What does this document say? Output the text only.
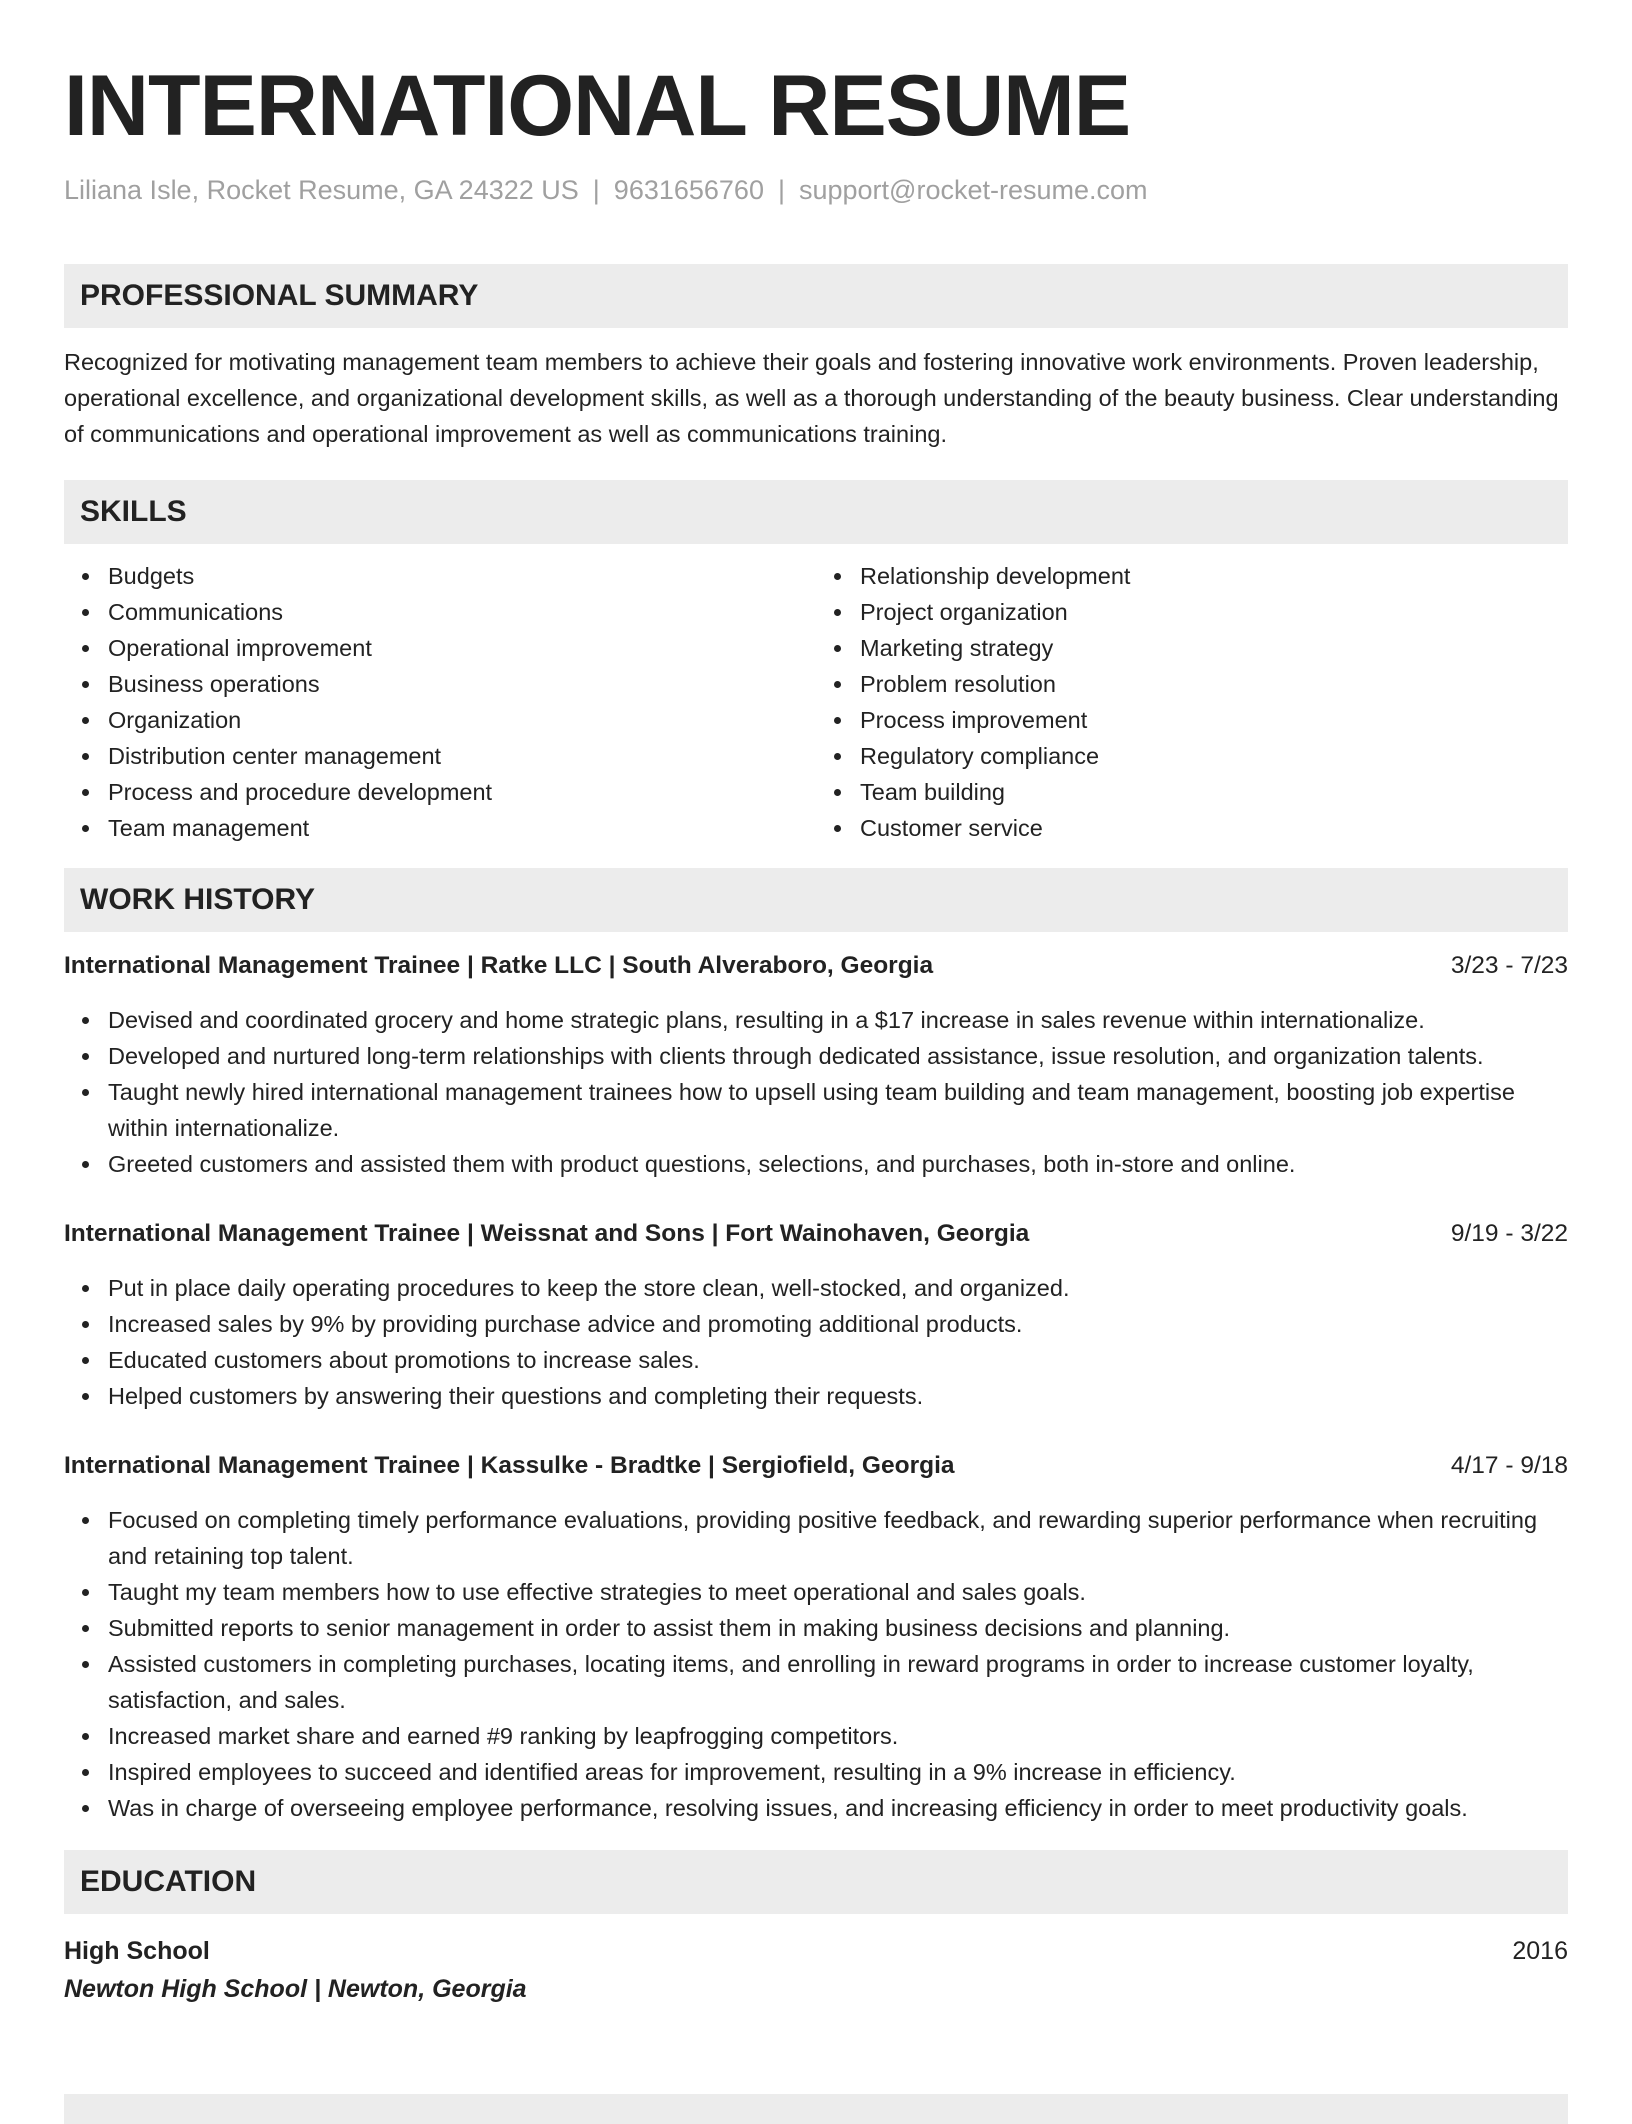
INTERNATIONAL RESUME
Liliana Isle, Rocket Resume, GA 24322 US | 9631656760 | support@rocket-resume.com
PROFESSIONAL SUMMARY

Recognized for motivating management team members to achieve their goals and fostering innovative work environments. Proven leadership, operational excellence, and organizational development skills, as well as a thorough understanding of the beauty business. Clear understanding of communications and operational improvement as well as communications training.

SKILLS
Budgets
Communications
Operational improvement
Business operations
Organization
Distribution center management
Process and procedure development
Team management
Relationship development
Project organization
Marketing strategy
Problem resolution
Process improvement
Regulatory compliance
Team building
Customer service
WORK HISTORY
International Management Trainee | Ratke LLC | South Alveraboro, Georgia	3/23 - 7/23
Devised and coordinated grocery and home strategic plans, resulting in a $17 increase in sales revenue within internationalize.
Developed and nurtured long-term relationships with clients through dedicated assistance, issue resolution, and organization talents.
Taught newly hired international management trainees how to upsell using team building and team management, boosting job expertise within internationalize.
Greeted customers and assisted them with product questions, selections, and purchases, both in-store and online.
International Management Trainee | Weissnat and Sons | Fort Wainohaven, Georgia	9/19 - 3/22
Put in place daily operating procedures to keep the store clean, well-stocked, and organized.
Increased sales by 9% by providing purchase advice and promoting additional products.
Educated customers about promotions to increase sales.
Helped customers by answering their questions and completing their requests.
International Management Trainee | Kassulke - Bradtke | Sergiofield, Georgia	4/17 - 9/18
Focused on completing timely performance evaluations, providing positive feedback, and rewarding superior performance when recruiting and retaining top talent.
Taught my team members how to use effective strategies to meet operational and sales goals.
Submitted reports to senior management in order to assist them in making business decisions and planning.
Assisted customers in completing purchases, locating items, and enrolling in reward programs in order to increase customer loyalty, satisfaction, and sales.
Increased market share and earned #9 ranking by leapfrogging competitors.
Inspired employees to succeed and identified areas for improvement, resulting in a 9% increase in efficiency.
Was in charge of overseeing employee performance, resolving issues, and increasing efficiency in order to meet productivity goals.
EDUCATION
High School	2016
Newton High School | Newton, Georgia
